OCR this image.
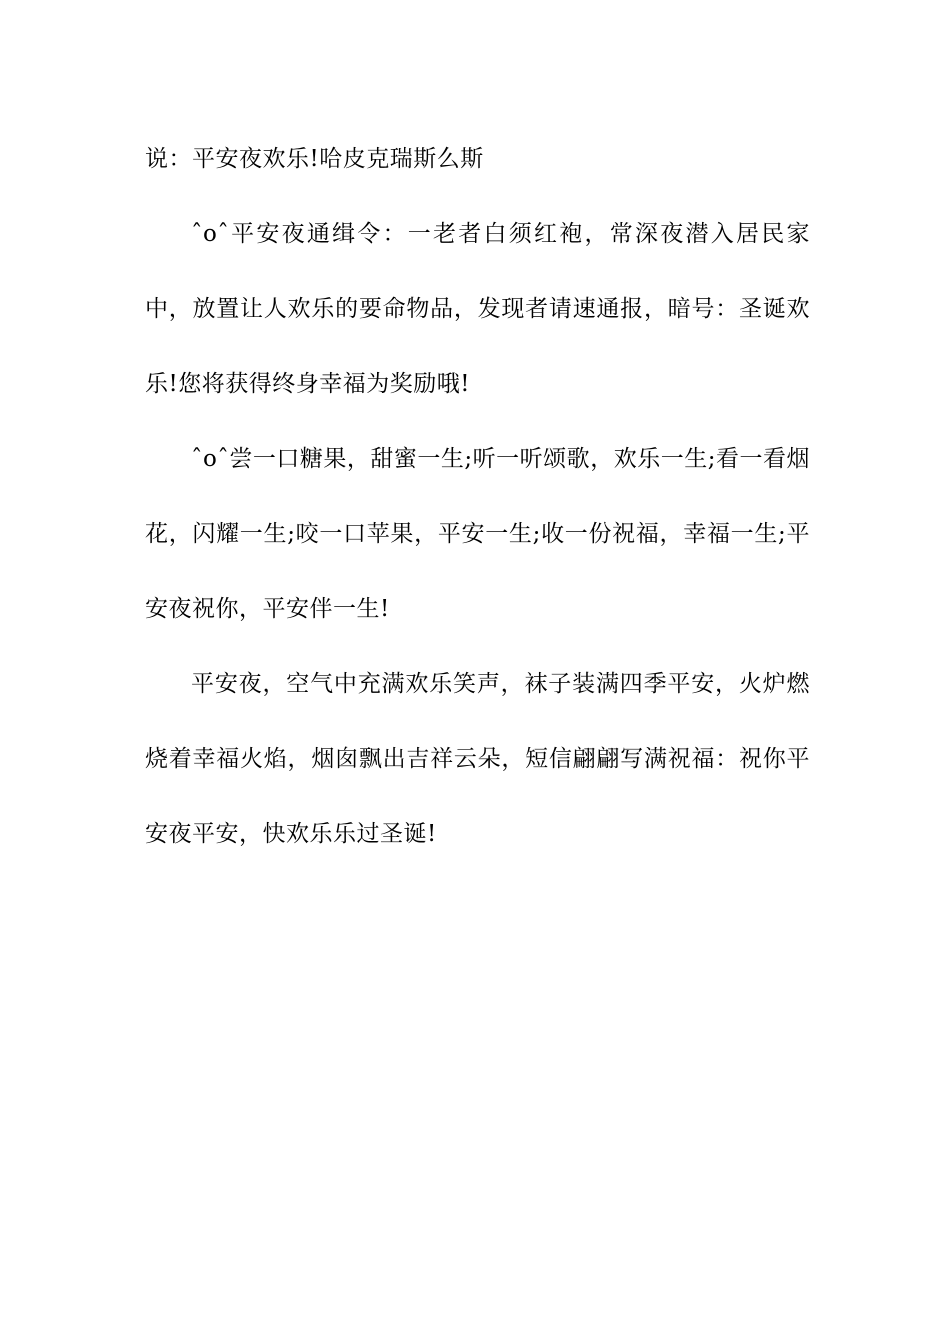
说：平安夜欢乐!哈皮克瑞斯么斯

ˆoˆ平安夜通缉令：一老者白须红袍，常深夜潜入居民家中，放置让人欢乐的要命物品，发现者请速通报，暗号：圣诞欢乐!您将获得终身幸福为奖励哦!

ˆoˆ尝一口糖果，甜蜜一生;听一听颂歌，欢乐一生;看一看烟花，闪耀一生;咬一口苹果，平安一生;收一份祝福，幸福一生;平安夜祝你，平安伴一生!

平安夜，空气中充满欢乐笑声，袜子装满四季平安，火炉燃烧着幸福火焰，烟囱飘出吉祥云朵，短信翩翩写满祝福：祝你平安夜平安，快欢乐乐过圣诞!
